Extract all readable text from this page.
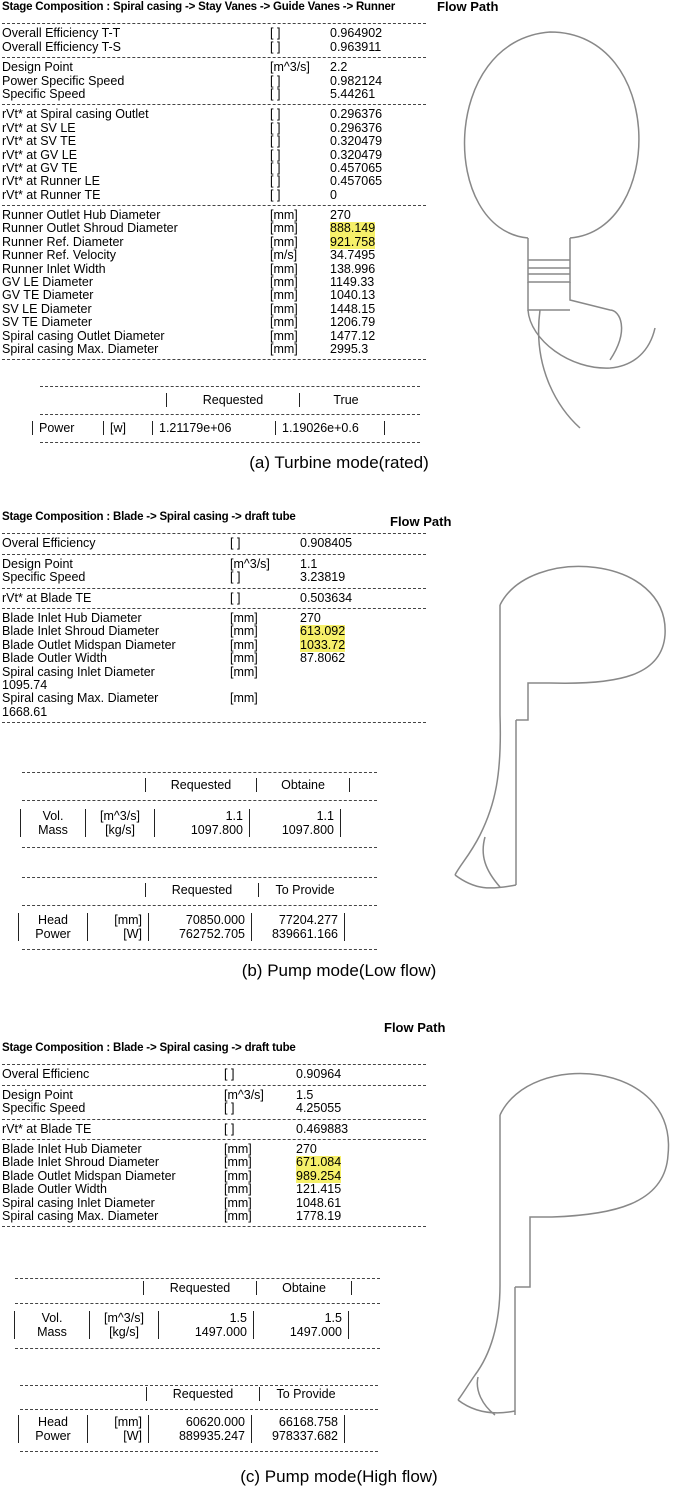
Stage Composition : Spiral casing -> Stay Vanes -> Guide Vanes -> Runner
Overall Efficiency T-T	[ ]	0.964902
Overall Efficiency T-S	[ ]	0.963911
Design Point	[m^3/s] 2.2
Power Specific Speed	[ ]	0.982124
Specific Speed	[ ]	5.44261
rVt* at Spiral casing Outlet	[ ]	0.296376
rVt* at SV LE	[ ]	0.296376
rVt* at SV TE	[ ]	0.320479
rVt* at GV LE	[ ]	0.320479
rVt* at GV TE	[ ]	0.457065
rVt* at Runner LE	[ ]	0.457065
rVt* at Runner TE	[ ]	0
Runner Outlet Hub Diameter	[mm]	270
Runner Outlet Shroud Diameter	[mm]	888.149
Runner Ref. Diameter	[mm]	921.758
Runner Ref. Velocity	[m/s]	34.7495
Runner Inlet Width	[mm]	138.996
GV LE Diameter	[mm]	1149.33
GV TE Diameter	[mm]	1040.13
SV LE Diameter	[mm]	1448.15
SV TE Diameter	[mm]	1206.79
Spiral casing Outlet Diameter	[mm]	1477.12
Spiral casing Max. Diameter	[mm]	2995.3
Flow Path
	Requested	True
Power	[w]	1.21179e+06	1.19026e+0.6
(a) Turbine mode(rated)
Stage Composition : Blade -> Spiral casing -> draft tube
Overal Efficiency	[ ]	0.908405
Design Point	[m^3/s] 1.1
Specific Speed	[ ]	3.23819
rVt* at Blade TE	[ ]	0.503634
Blade Inlet Hub Diameter	[mm]	270
Blade Inlet Shroud Diameter	[mm]	613.092
Blade Outlet Midspan Diameter	[mm]	1033.72
Blade Outler Width	[mm]	87.8062
Spiral casing Inlet Diameter	[mm]
1095.74
Spiral casing Max. Diameter	[mm]
1668.61
Flow Path
Requested	Obtaine
Vol.	[m^3/s]	1.1	1.1
Mass	[kg/s]	1097.800	1097.800
Requested	To Provide
Head	[mm]	70850.000	77204.277
Power	[W]	762752.705	839661.166
(b) Pump mode(Low flow)
Stage Composition : Blade -> Spiral casing -> draft tube
Overal Efficienc	[ ]	0.90964
Design Point	[m^3/s]	1.5
Specific Speed	[ ]	4.25055
rVt* at Blade TE	[ ]	0.469883
Blade Inlet Hub Diameter	[mm]	270
Blade Inlet Shroud Diameter	[mm]	671.084
Blade Outlet Midspan Diameter	[mm]	989.254
Blade Outler Width	[mm]	121.415
Spiral casing Inlet Diameter	[mm]	1048.61
Spiral casing Max. Diameter	[mm]	1778.19
Flow Path
Requested	Obtaine
Vol.	[m^3/s]	1.5	1.5
Mass	[kg/s]	1497.000	1497.000
Requested	To Provide
Head	[mm]	60620.000	66168.758
Power	[W]	889935.247	978337.682
(c) Pump mode(High flow)
